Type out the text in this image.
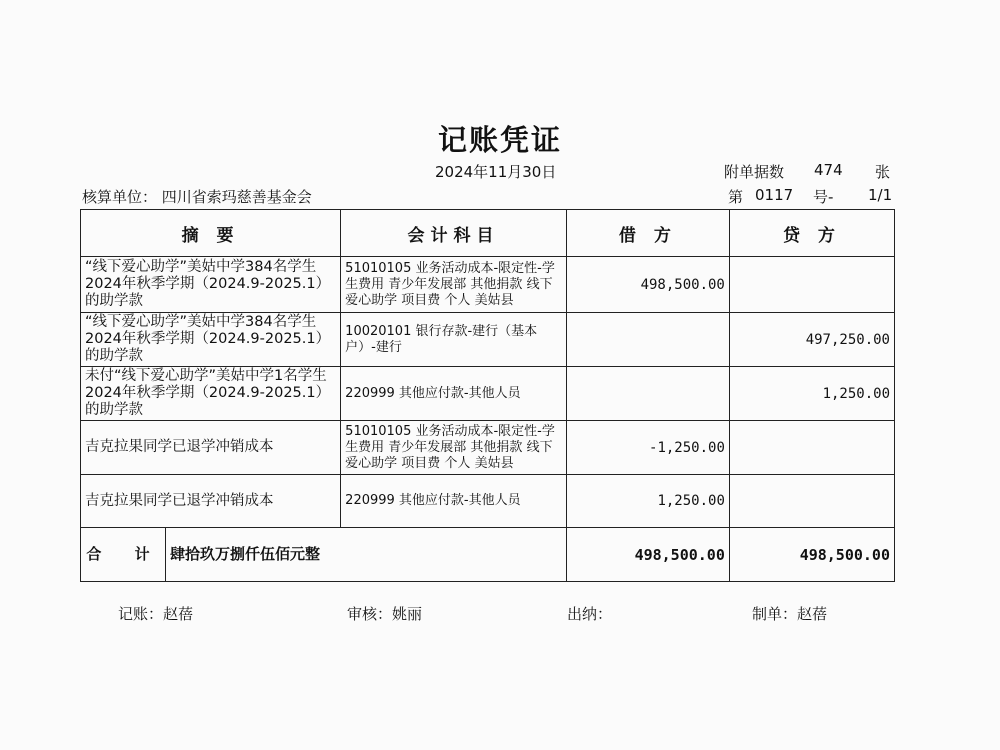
记账凭证
2024年11月30日	附单据数 474 张
核算单位： 四川省索玛慈善基金会	第 0117 号- 1/1
摘 要	会计科目	借 方	贷 方
“线下爱心助学”美姑中学384名学生2024年秋季学期（2024.9-2025.1）的助学款	51010105 业务活动成本-限定性-学生费用 青少年发展部 其他捐款 线下爱心助学 项目费 个人 美姑县	498,500.00	
“线下爱心助学”美姑中学384名学生2024年秋季学期（2024.9-2025.1）的助学款	10020101 银行存款-建行（基本户）-建行		497,250.00
未付“线下爱心助学”美姑中学1名学生2024年秋季学期（2024.9-2025.1）的助学款	220999 其他应付款-其他人员		1,250.00
吉克拉果同学已退学冲销成本	51010105 业务活动成本-限定性-学生费用 青少年发展部 其他捐款 线下爱心助学 项目费 个人 美姑县	-1,250.00	
吉克拉果同学已退学冲销成本	220999 其他应付款-其他人员	1,250.00	

合 计 肆拾玖万捌仟伍佰元整		498,500.00	498,500.00
记账：赵蓓	审核：姚丽	出纳：	制单：赵蓓
